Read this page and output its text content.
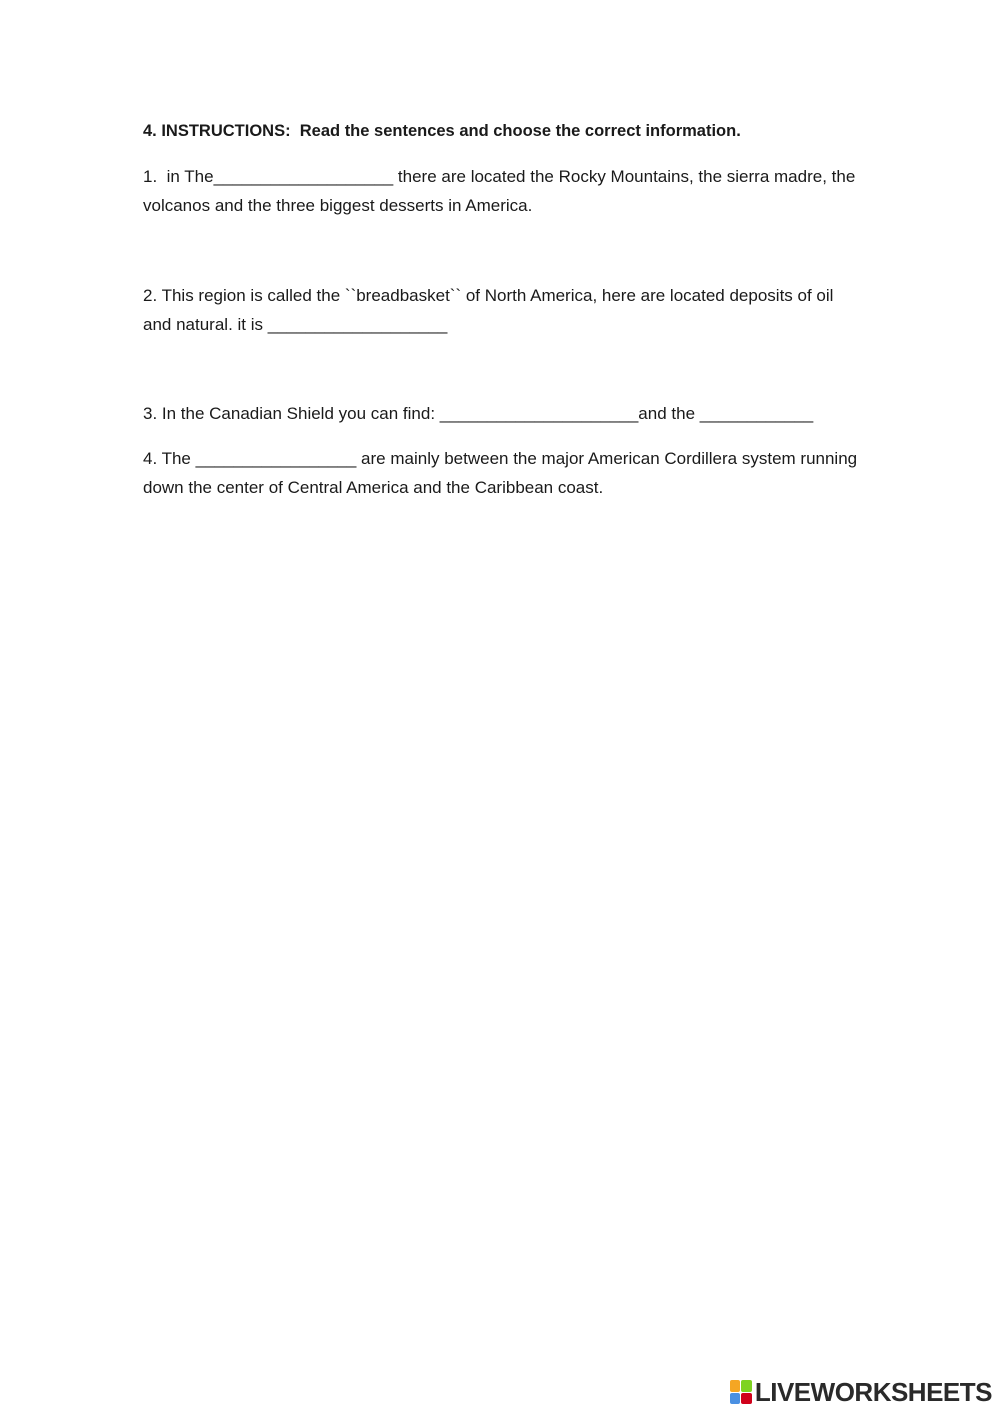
4. INSTRUCTIONS:  Read the sentences and choose the correct information.

1.  in The___________________ there are located the Rocky Mountains, the sierra madre, the volcanos and the three biggest desserts in America.

2. This region is called the ``breadbasket`` of North America, here are located deposits of oil and natural. it is ___________________

3. In the Canadian Shield you can find: _____________________and the ____________

4. The _________________ are mainly between the major American Cordillera system running down the center of Central America and the Caribbean coast.

LIVEWORKSHEETS
